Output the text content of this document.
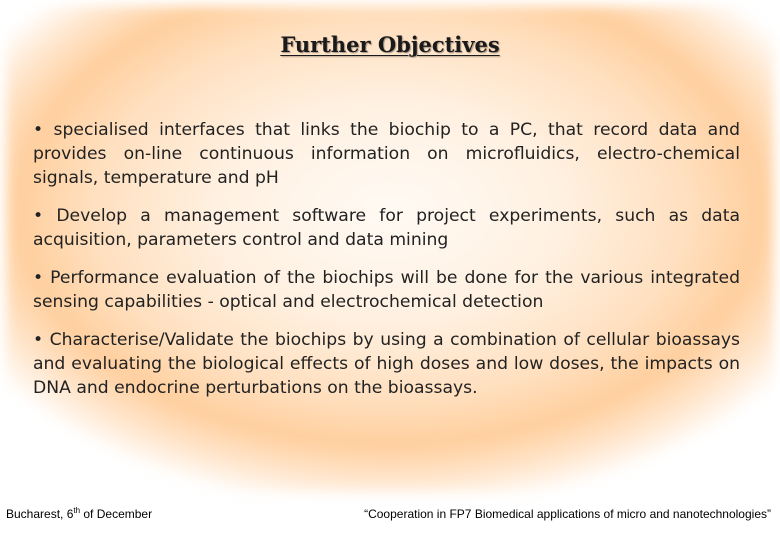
Further Objectives
• specialised interfaces that links the biochip to a PC, that record data and provides on-line continuous information on microfluidics, electro-chemical signals, temperature and pH
• Develop a management software for project experiments, such as data acquisition, parameters control and data mining
• Performance evaluation of the biochips will be done for the various integrated sensing capabilities - optical and electrochemical detection
• Characterise/Validate the biochips by using a combination of cellular bioassays and evaluating the biological effects of high doses and low doses, the impacts on DNA and endocrine perturbations on the bioassays.
Bucharest, 6th of December	“Cooperation in FP7 Biomedical applications of micro and nanotechnologies”
